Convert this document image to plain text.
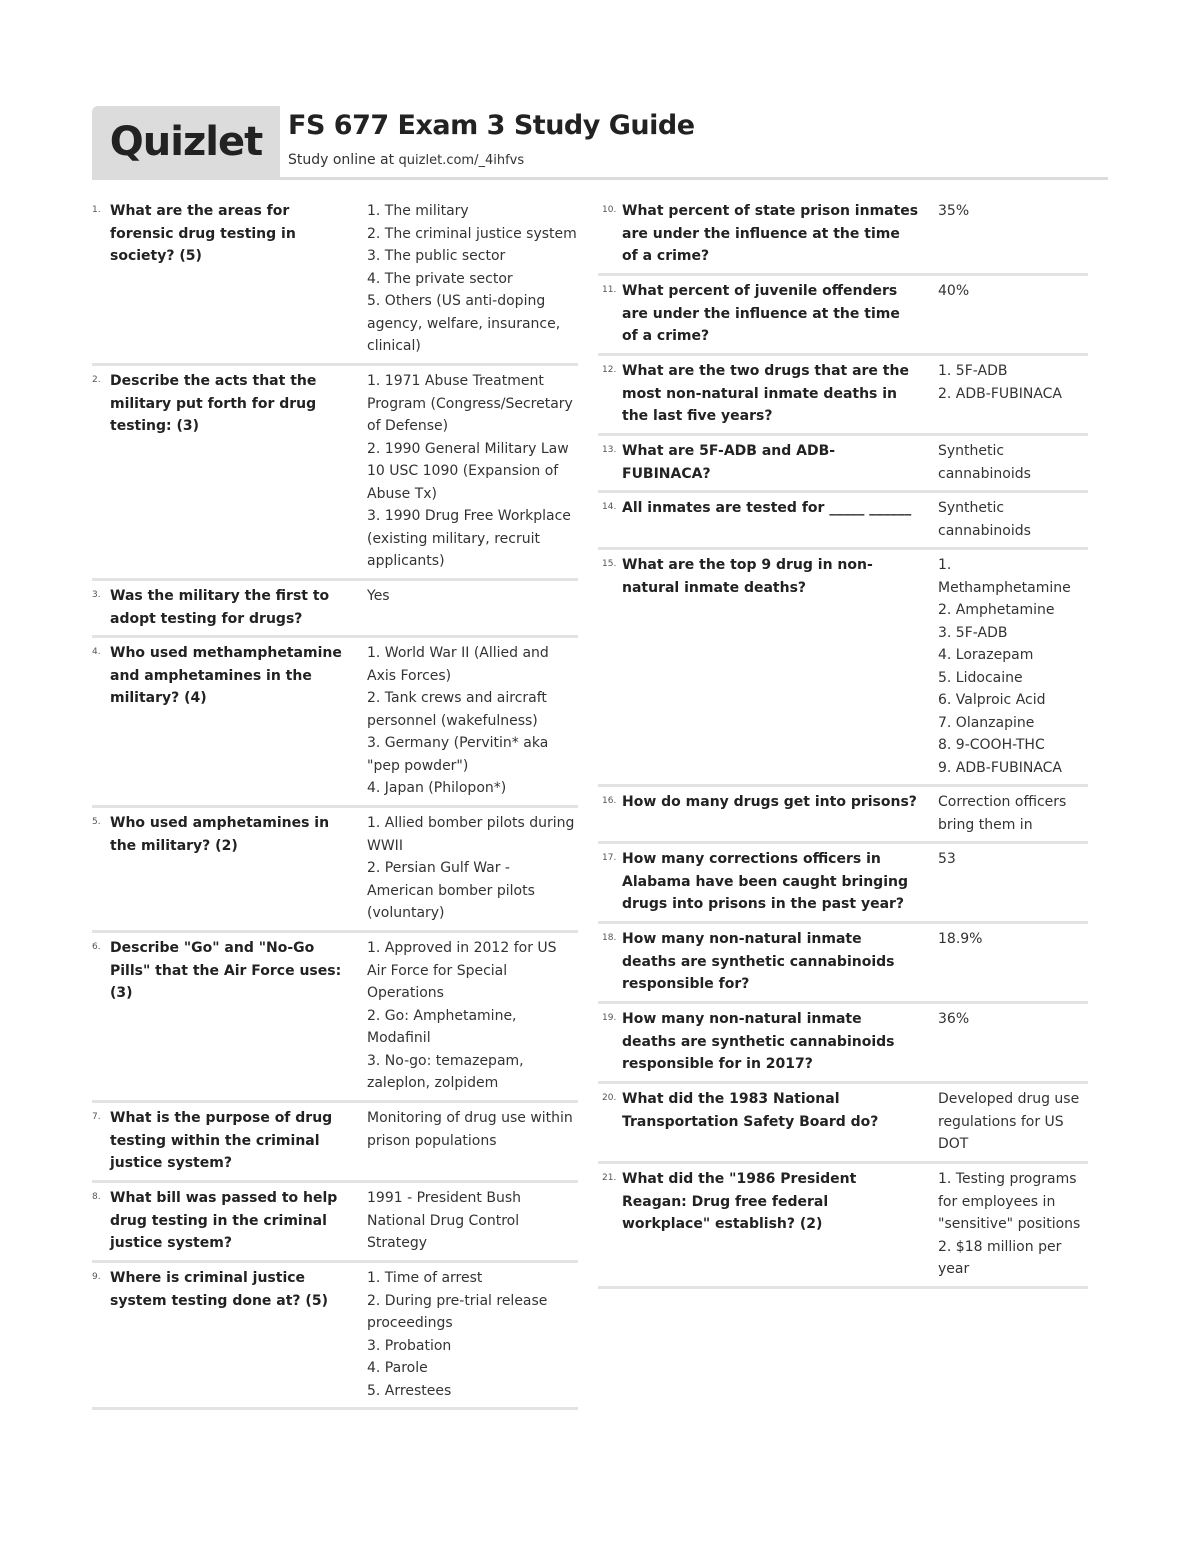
Quizlet FS 677 Exam 3 Study Guide
Study online at quizlet.com/_4ihfvs
1. What are the areas for forensic drug testing in society? (5)
1. The military
2. The criminal justice system
3. The public sector
4. The private sector
5. Others (US anti-doping agency, welfare, insurance, clinical)
2. Describe the acts that the military put forth for drug testing: (3)
1. 1971 Abuse Treatment Program (Congress/Secretary of Defense)
2. 1990 General Military Law 10 USC 1090 (Expansion of Abuse Tx)
3. 1990 Drug Free Workplace (existing military, recruit applicants)
3. Was the military the first to adopt testing for drugs?
Yes
4. Who used methamphetamine and amphetamines in the military? (4)
1. World War II (Allied and Axis Forces)
2. Tank crews and aircraft personnel (wakefulness)
3. Germany (Pervitin* aka "pep powder")
4. Japan (Philopon*)
5. Who used amphetamines in the military? (2)
1. Allied bomber pilots during WWII
2. Persian Gulf War - American bomber pilots (voluntary)
6. Describe "Go" and "No-Go Pills" that the Air Force uses: (3)
1. Approved in 2012 for US Air Force for Special Operations
2. Go: Amphetamine, Modafinil
3. No-go: temazepam, zaleplon, zolpidem
7. What is the purpose of drug testing within the criminal justice system?
Monitoring of drug use within prison populations
8. What bill was passed to help drug testing in the criminal justice system?
1991 - President Bush National Drug Control Strategy
9. Where is criminal justice system testing done at? (5)
1. Time of arrest
2. During pre-trial release proceedings
3. Probation
4. Parole
5. Arrestees
10. What percent of state prison inmates are under the influence at the time of a crime?
35%
11. What percent of juvenile offenders are under the influence at the time of a crime?
40%
12. What are the two drugs that are the most non-natural inmate deaths in the last five years?
1. 5F-ADB
2. ADB-FUBINACA
13. What are 5F-ADB and ADB-FUBINACA?
Synthetic cannabinoids
14. All inmates are tested for _____ ______	Synthetic cannabinoids
15. What are the top 9 drug in non-natural inmate deaths?
1. Methamphetamine
2. Amphetamine
3. 5F-ADB
4. Lorazepam
5. Lidocaine
6. Valproic Acid
7. Olanzapine
8. 9-COOH-THC
9. ADB-FUBINACA
16. How do many drugs get into prisons? Correction officers bring them in
17. How many corrections officers in Alabama have been caught bringing drugs into prisons in the past year?
53
18. How many non-natural inmate deaths are synthetic cannabinoids responsible for?
18.9%
19. How many non-natural inmate deaths are synthetic cannabinoids responsible for in 2017?
36%
20. What did the 1983 National Transportation Safety Board do?
Developed drug use regulations for US DOT
21. What did the "1986 President Reagan: Drug free federal workplace" establish? (2)
1. Testing programs for employees in "sensitive" positions
2. $18 million per year
